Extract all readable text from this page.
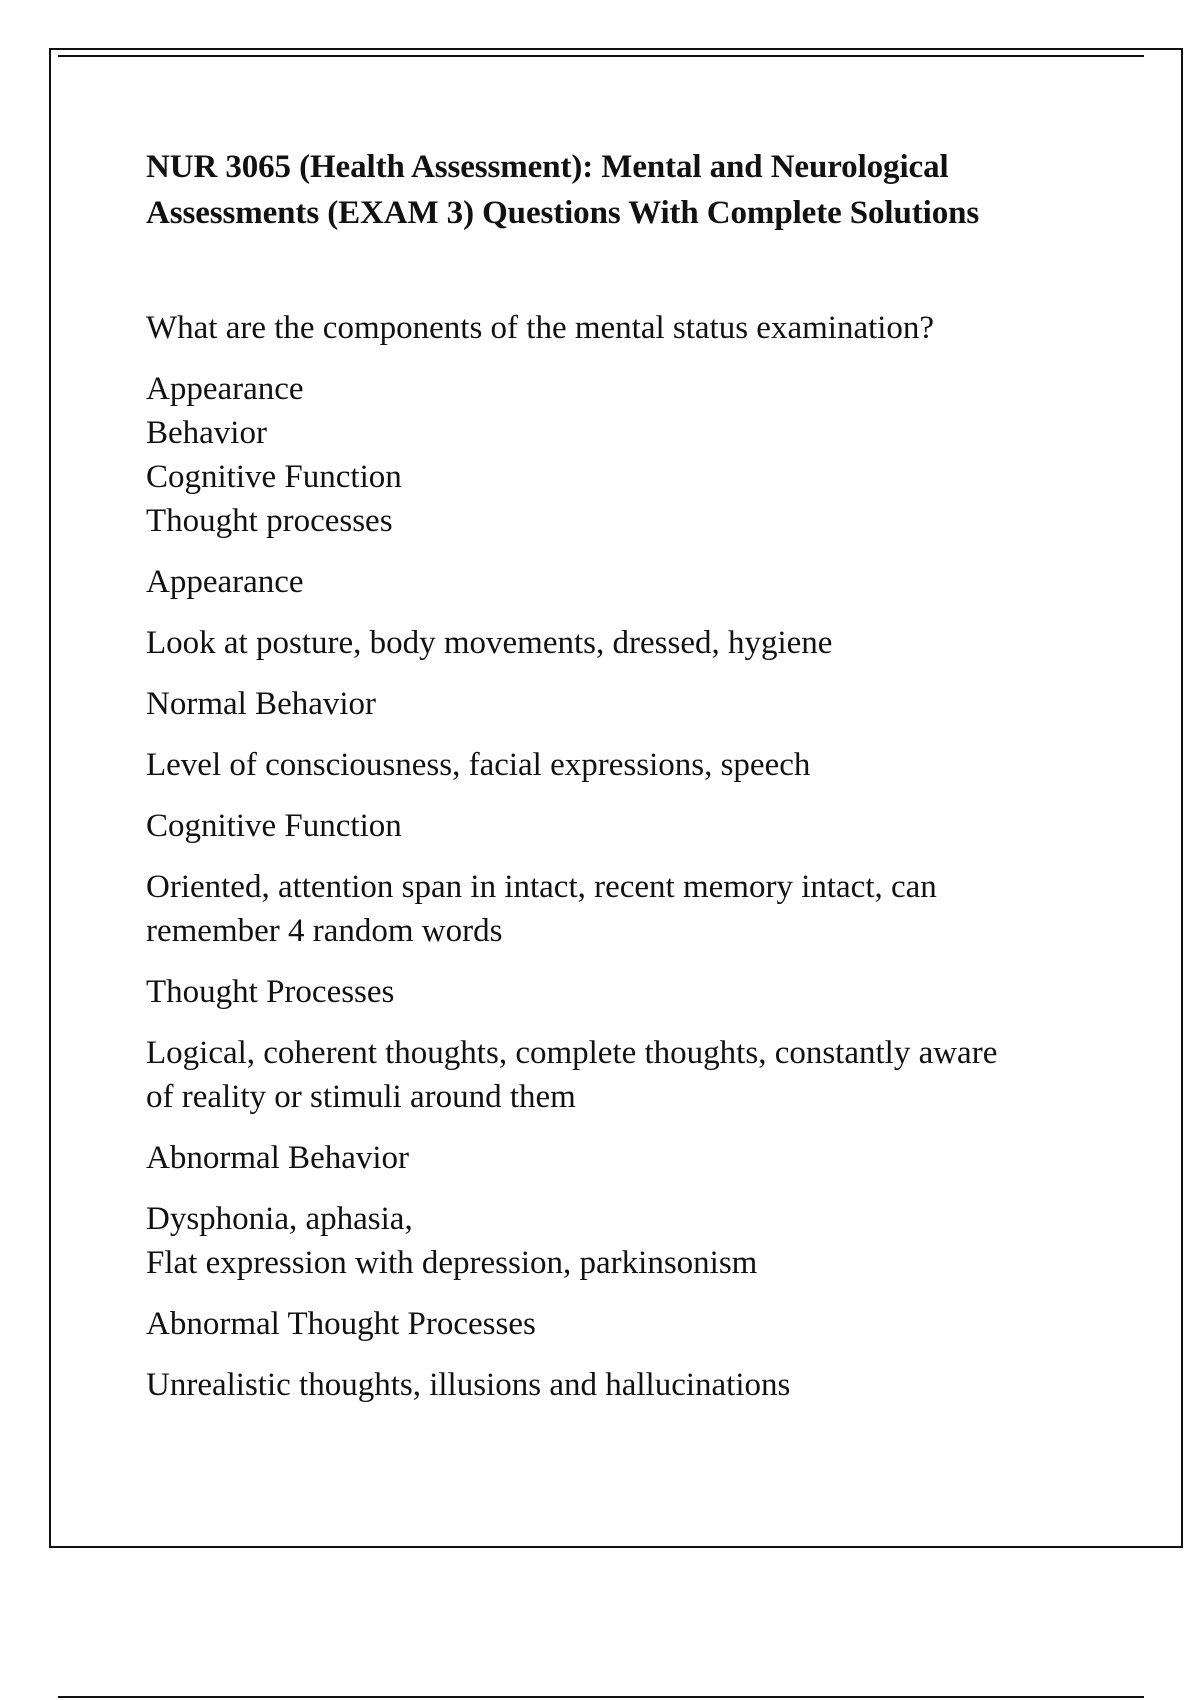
NUR 3065 (Health Assessment): Mental and Neurological
Assessments (EXAM 3) Questions With Complete Solutions

What are the components of the mental status examination?

Appearance
Behavior
Cognitive Function
Thought processes

Appearance

Look at posture, body movements, dressed, hygiene

Normal Behavior

Level of consciousness, facial expressions, speech

Cognitive Function

Oriented, attention span in intact, recent memory intact, can
remember 4 random words

Thought Processes

Logical, coherent thoughts, complete thoughts, constantly aware
of reality or stimuli around them

Abnormal Behavior

Dysphonia, aphasia,
Flat expression with depression, parkinsonism

Abnormal Thought Processes

Unrealistic thoughts, illusions and hallucinations
